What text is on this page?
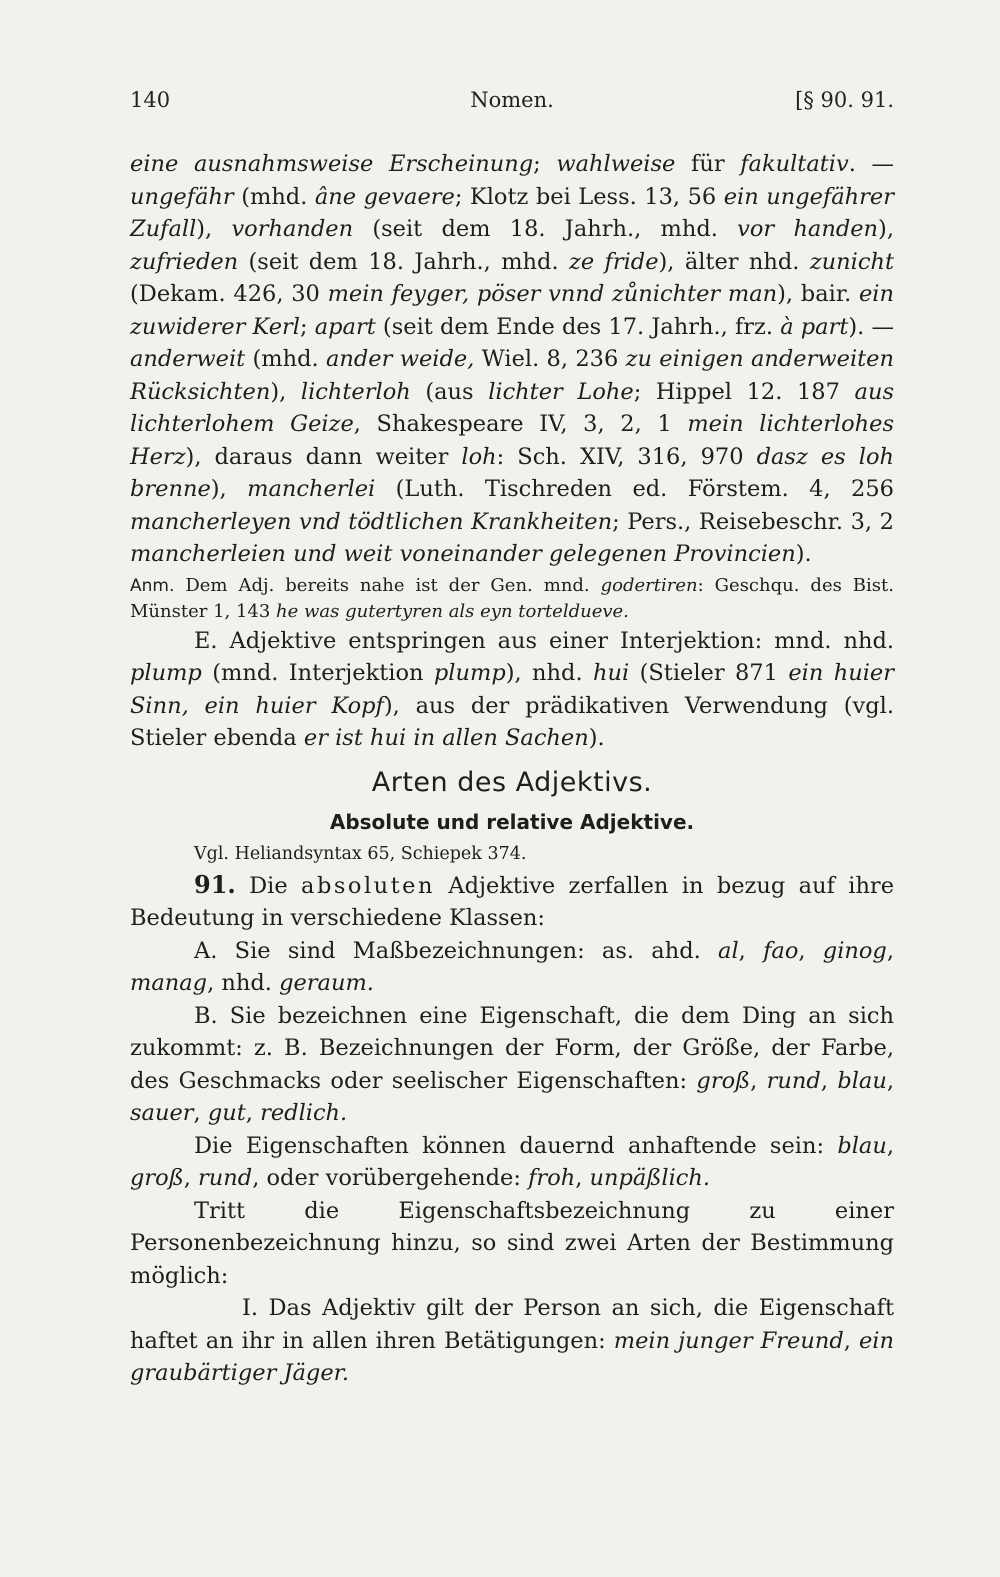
140	Nomen.	[§ 90. 91.

eine ausnahmsweise Erscheinung; wahlweise für fakultativ. — ungefähr (mhd. âne gevaere; Klotz bei Less. 13, 56 ein ungefährer Zufall), vorhanden (seit dem 18. Jahrh., mhd. vor handen), zufrieden (seit dem 18. Jahrh., mhd. ze fride), älter nhd. zunicht (Dekam. 426, 30 mein feyger, pöser vnnd zůnichter man), bair. ein zuwiderer Kerl; apart (seit dem Ende des 17. Jahrh., frz. à part). — anderweit (mhd. ander weide, Wiel. 8, 236 zu einigen anderweiten Rücksichten), lichterloh (aus lichter Lohe; Hippel 12. 187 aus lichterlohem Geize, Shakespeare IV, 3, 2, 1 mein lichterlohes Herz), daraus dann weiter loh: Sch. XIV, 316, 970 dasz es loh brenne), mancherlei (Luth. Tischreden ed. Förstem. 4, 256 mancherleyen vnd tödtlichen Krankheiten; Pers., Reisebeschr. 3, 2 mancherleien und weit voneinander gelegenen Provincien).

Anm. Dem Adj. bereits nahe ist der Gen. mnd. godertiren: Geschqu. des Bist. Münster 1, 143 he was gutertyren als eyn torteldueve.

E. Adjektive entspringen aus einer Interjektion: mnd. nhd. plump (mnd. Interjektion plump), nhd. hui (Stieler 871 ein huier Sinn, ein huier Kopf), aus der prädikativen Verwendung (vgl. Stieler ebenda er ist hui in allen Sachen).

Arten des Adjektivs.

Absolute und relative Adjektive.

Vgl. Heliandsyntax 65, Schiepek 374.

91. Die absoluten Adjektive zerfallen in bezug auf ihre Bedeutung in verschiedene Klassen:

A. Sie sind Maßbezeichnungen: as. ahd. al, fao, ginog, manag, nhd. geraum.

B. Sie bezeichnen eine Eigenschaft, die dem Ding an sich zukommt: z. B. Bezeichnungen der Form, der Größe, der Farbe, des Geschmacks oder seelischer Eigenschaften: groß, rund, blau, sauer, gut, redlich.

Die Eigenschaften können dauernd anhaftende sein: blau, groß, rund, oder vorübergehende: froh, unpäßlich.

Tritt die Eigenschaftsbezeichnung zu einer Personenbezeichnung hinzu, so sind zwei Arten der Bestimmung möglich:

I. Das Adjektiv gilt der Person an sich, die Eigenschaft haftet an ihr in allen ihren Betätigungen: mein junger Freund, ein graubärtiger Jäger.
